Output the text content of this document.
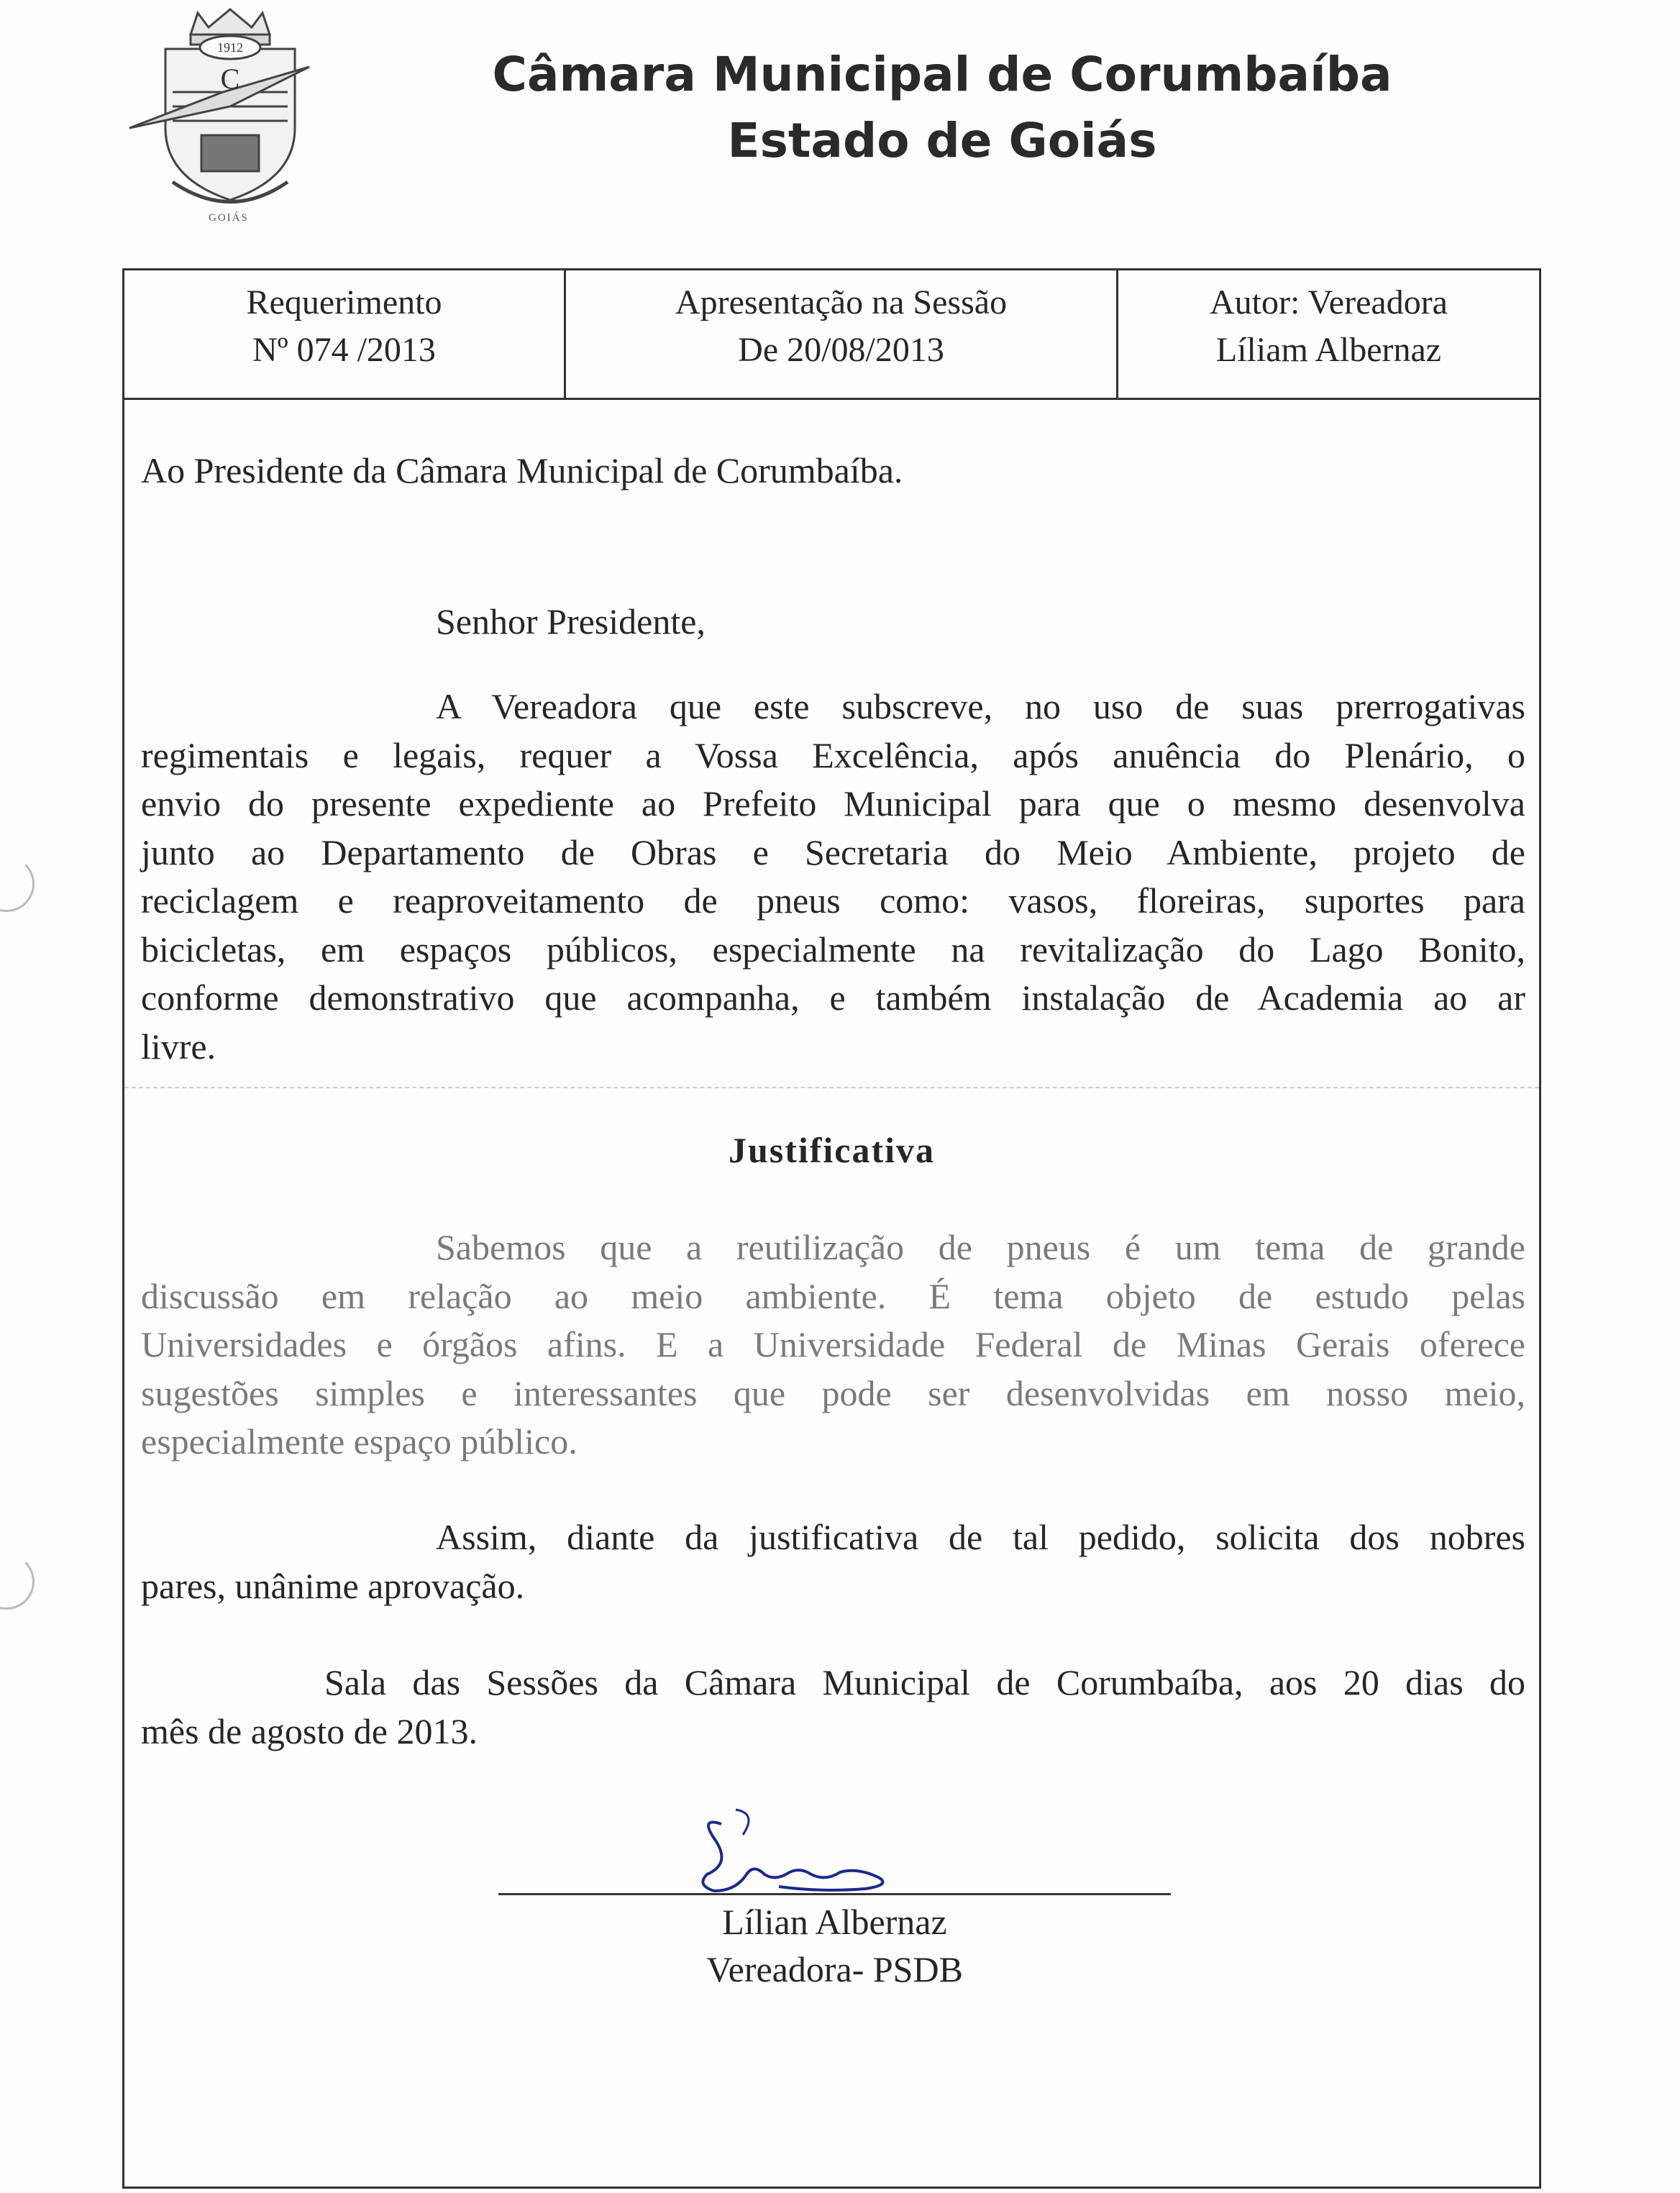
1912
C
GOIÁS
Câmara Municipal de Corumbaíba
Estado de Goiás
Requerimento
Nº 074 /2013
Apresentação na Sessão
De 20/08/2013
Autor: Vereadora
Líliam Albernaz
Ao Presidente da Câmara Municipal de Corumbaíba.
Senhor Presidente,
A Vereadora que este subscreve, no uso de suas prerrogativas
regimentais e legais, requer a Vossa Excelência, após anuência do Plenário, o
envio do presente expediente ao Prefeito Municipal para que o mesmo desenvolva
junto ao Departamento de Obras e Secretaria do Meio Ambiente, projeto de
reciclagem e reaproveitamento de pneus como: vasos, floreiras, suportes para
bicicletas, em espaços públicos, especialmente na revitalização do Lago Bonito,
conforme demonstrativo que acompanha, e também instalação de Academia ao ar
livre.
Justificativa
Sabemos que a reutilização de pneus é um tema de grande
discussão em relação ao meio ambiente. É tema objeto de estudo pelas
Universidades e órgãos afins. E a Universidade Federal de Minas Gerais oferece
sugestões simples e interessantes que pode ser desenvolvidas em nosso meio,
especialmente espaço público.
Assim, diante da justificativa de tal pedido, solicita dos nobres
pares, unânime aprovação.
Sala das Sessões da Câmara Municipal de Corumbaíba, aos 20 dias do
mês de agosto de 2013.
Lílian Albernaz
Vereadora- PSDB
